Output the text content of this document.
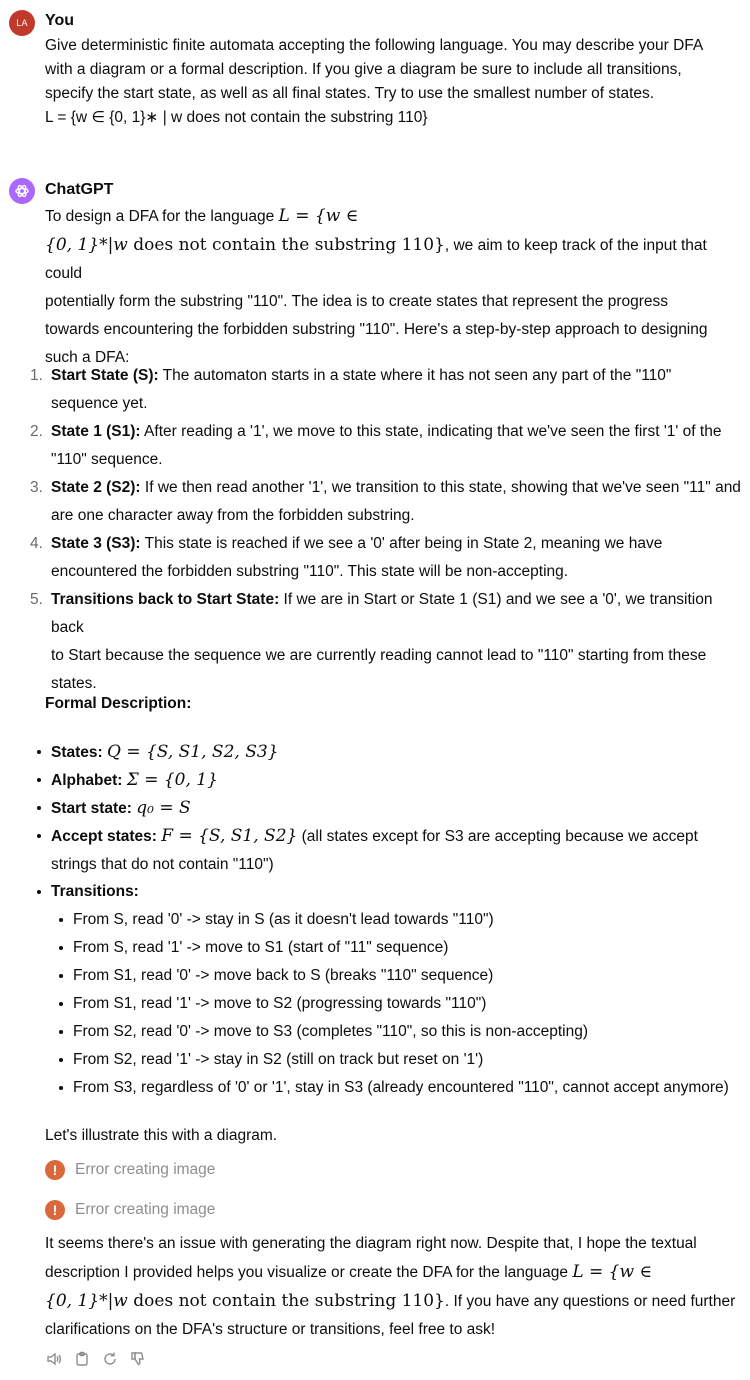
LA You
Give deterministic finite automata accepting the following language. You may describe your DFA
with a diagram or a formal description. If you give a diagram be sure to include all transitions,
specify the start state, as well as all final states. Try to use the smallest number of states.
L = {w ∈ {0, 1}∗ | w does not contain the substring 110}
ChatGPT
To design a DFA for the language L = {w ∈
{0, 1}*|w does not contain the substring 110}, we aim to keep track of the input that could
potentially form the substring "110". The idea is to create states that represent the progress
towards encountering the forbidden substring "110". Here's a step-by-step approach to designing
such a DFA:
1. Start State (S): The automaton starts in a state where it has not seen any part of the "110"
sequence yet.
2. State 1 (S1): After reading a '1', we move to this state, indicating that we've seen the first '1' of the
"110" sequence.
3. State 2 (S2): If we then read another '1', we transition to this state, showing that we've seen "11" and
are one character away from the forbidden substring.
4. State 3 (S3): This state is reached if we see a '0' after being in State 2, meaning we have
encountered the forbidden substring "110". This state will be non-accepting.
5. Transitions back to Start State: If we are in Start or State 1 (S1) and we see a '0', we transition back
to Start because the sequence we are currently reading cannot lead to "110" starting from these
states.
Formal Description:
States: Q = {S, S1, S2, S3}
Alphabet: Σ = {0, 1}
Start state: q₀ = S
Accept states: F = {S, S1, S2} (all states except for S3 are accepting because we accept
strings that do not contain "110")
Transitions:
From S, read '0' -> stay in S (as it doesn't lead towards "110")
From S, read '1' -> move to S1 (start of "11" sequence)
From S1, read '0' -> move back to S (breaks "110" sequence)
From S1, read '1' -> move to S2 (progressing towards "110")
From S2, read '0' -> move to S3 (completes "110", so this is non-accepting)
From S2, read '1' -> stay in S2 (still on track but reset on '1')
From S3, regardless of '0' or '1', stay in S3 (already encountered "110", cannot accept anymore)
Let's illustrate this with a diagram.
!	Error creating image
!	Error creating image
It seems there's an issue with generating the diagram right now. Despite that, I hope the textual
description I provided helps you visualize or create the DFA for the language L = {w ∈
{0, 1}*|w does not contain the substring 110}. If you have any questions or need further
clarifications on the DFA's structure or transitions, feel free to ask!
